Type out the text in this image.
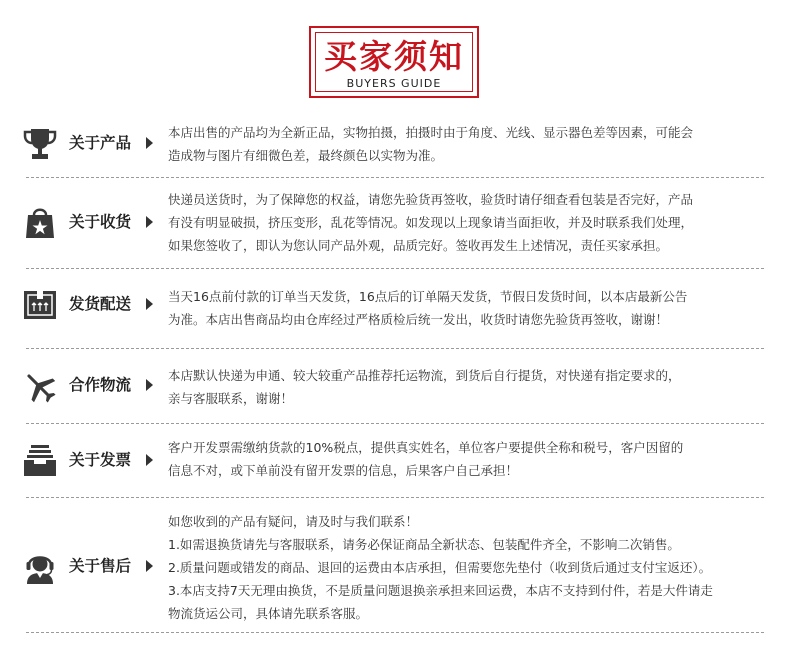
买家须知
BUYERS GUIDE
关于产品
本店出售的产品均为全新正品，实物拍摄，拍摄时由于角度、光线、显示器色差等因素，可能会
造成物与图片有细微色差，最终颜色以实物为准。
关于收货
快递员送货时，为了保障您的权益，请您先验货再签收，验货时请仔细查看包装是否完好，产品
有没有明显破损，挤压变形，乱花等情况。如发现以上现象请当面拒收，并及时联系我们处理，
如果您签收了，即认为您认同产品外观，品质完好。签收再发生上述情况，责任买家承担。
发货配送	当天16点前付款的订单当天发货，16点后的订单隔天发货，节假日发货时间，以本店最新公告
为准。本店出售商品均由仓库经过严格质检后统一发出，收货时请您先验货再签收，谢谢！
合作物流
本店默认快递为申通、较大较重产品推荐托运物流，到货后自行提货，对快递有指定要求的，
亲与客服联系，谢谢！
关于发票
客户开发票需缴纳货款的10%税点，提供真实姓名，单位客户要提供全称和税号，客户因留的
信息不对，或下单前没有留开发票的信息，后果客户自己承担！
关于售后
如您收到的产品有疑问，请及时与我们联系！
1.如需退换货请先与客服联系，请务必保证商品全新状态、包装配件齐全，不影响二次销售。
2.质量问题或错发的商品、退回的运费由本店承担，但需要您先垫付（收到货后通过支付宝返还）。
3.本店支持7天无理由换货，不是质量问题退换亲承担来回运费，本店不支持到付件，若是大件请走
物流货运公司，具体请先联系客服。
